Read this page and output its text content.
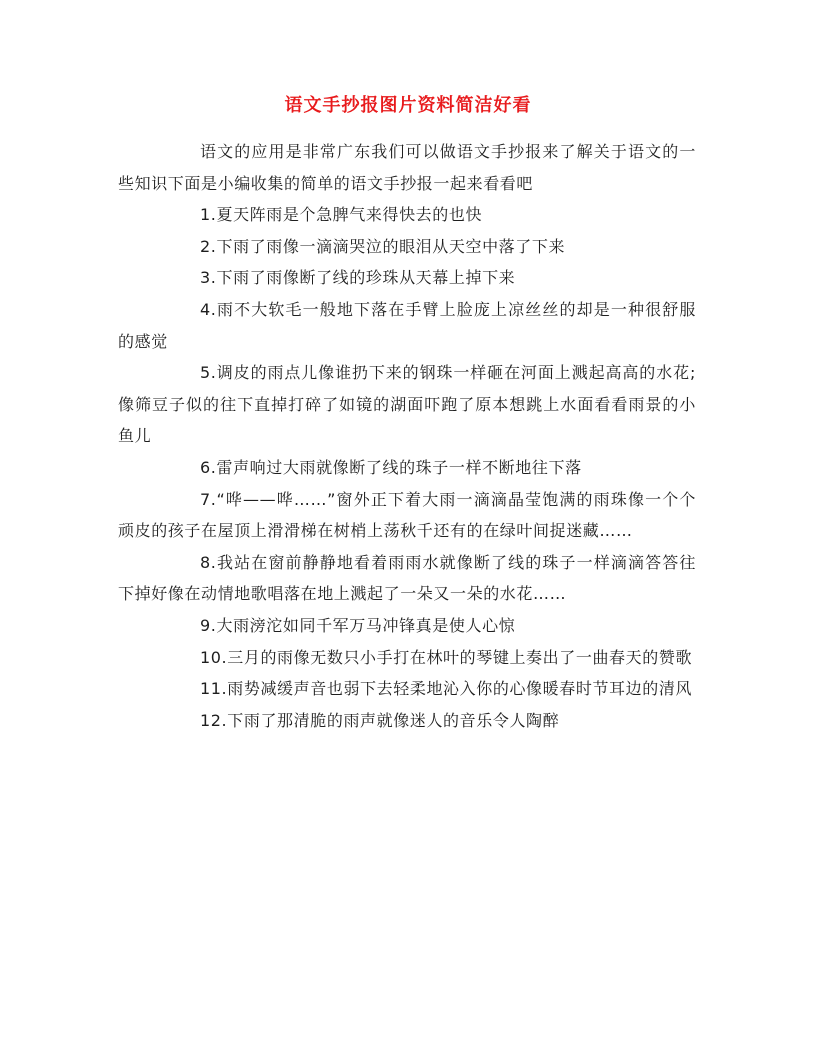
语文手抄报图片资料简洁好看

语文的应用是非常广东我们可以做语文手抄报来了解关于语文的一些知识下面是小编收集的简单的语文手抄报一起来看看吧

1.夏天阵雨是个急脾气来得快去的也快

2.下雨了雨像一滴滴哭泣的眼泪从天空中落了下来

3.下雨了雨像断了线的珍珠从天幕上掉下来

4.雨不大软毛一般地下落在手臂上脸庞上凉丝丝的却是一种很舒服的感觉

5.调皮的雨点儿像谁扔下来的钢珠一样砸在河面上溅起高高的水花;像筛豆子似的往下直掉打碎了如镜的湖面吓跑了原本想跳上水面看看雨景的小鱼儿

6.雷声响过大雨就像断了线的珠子一样不断地往下落

7.“哗——哗……”窗外正下着大雨一滴滴晶莹饱满的雨珠像一个个顽皮的孩子在屋顶上滑滑梯在树梢上荡秋千还有的在绿叶间捉迷藏……

8.我站在窗前静静地看着雨雨水就像断了线的珠子一样滴滴答答往下掉好像在动情地歌唱落在地上溅起了一朵又一朵的水花……

9.大雨滂沱如同千军万马冲锋真是使人心惊

10.三月的雨像无数只小手打在林叶的琴键上奏出了一曲春天的赞歌

11.雨势减缓声音也弱下去轻柔地沁入你的心像暖春时节耳边的清风

12.下雨了那清脆的雨声就像迷人的音乐令人陶醉
